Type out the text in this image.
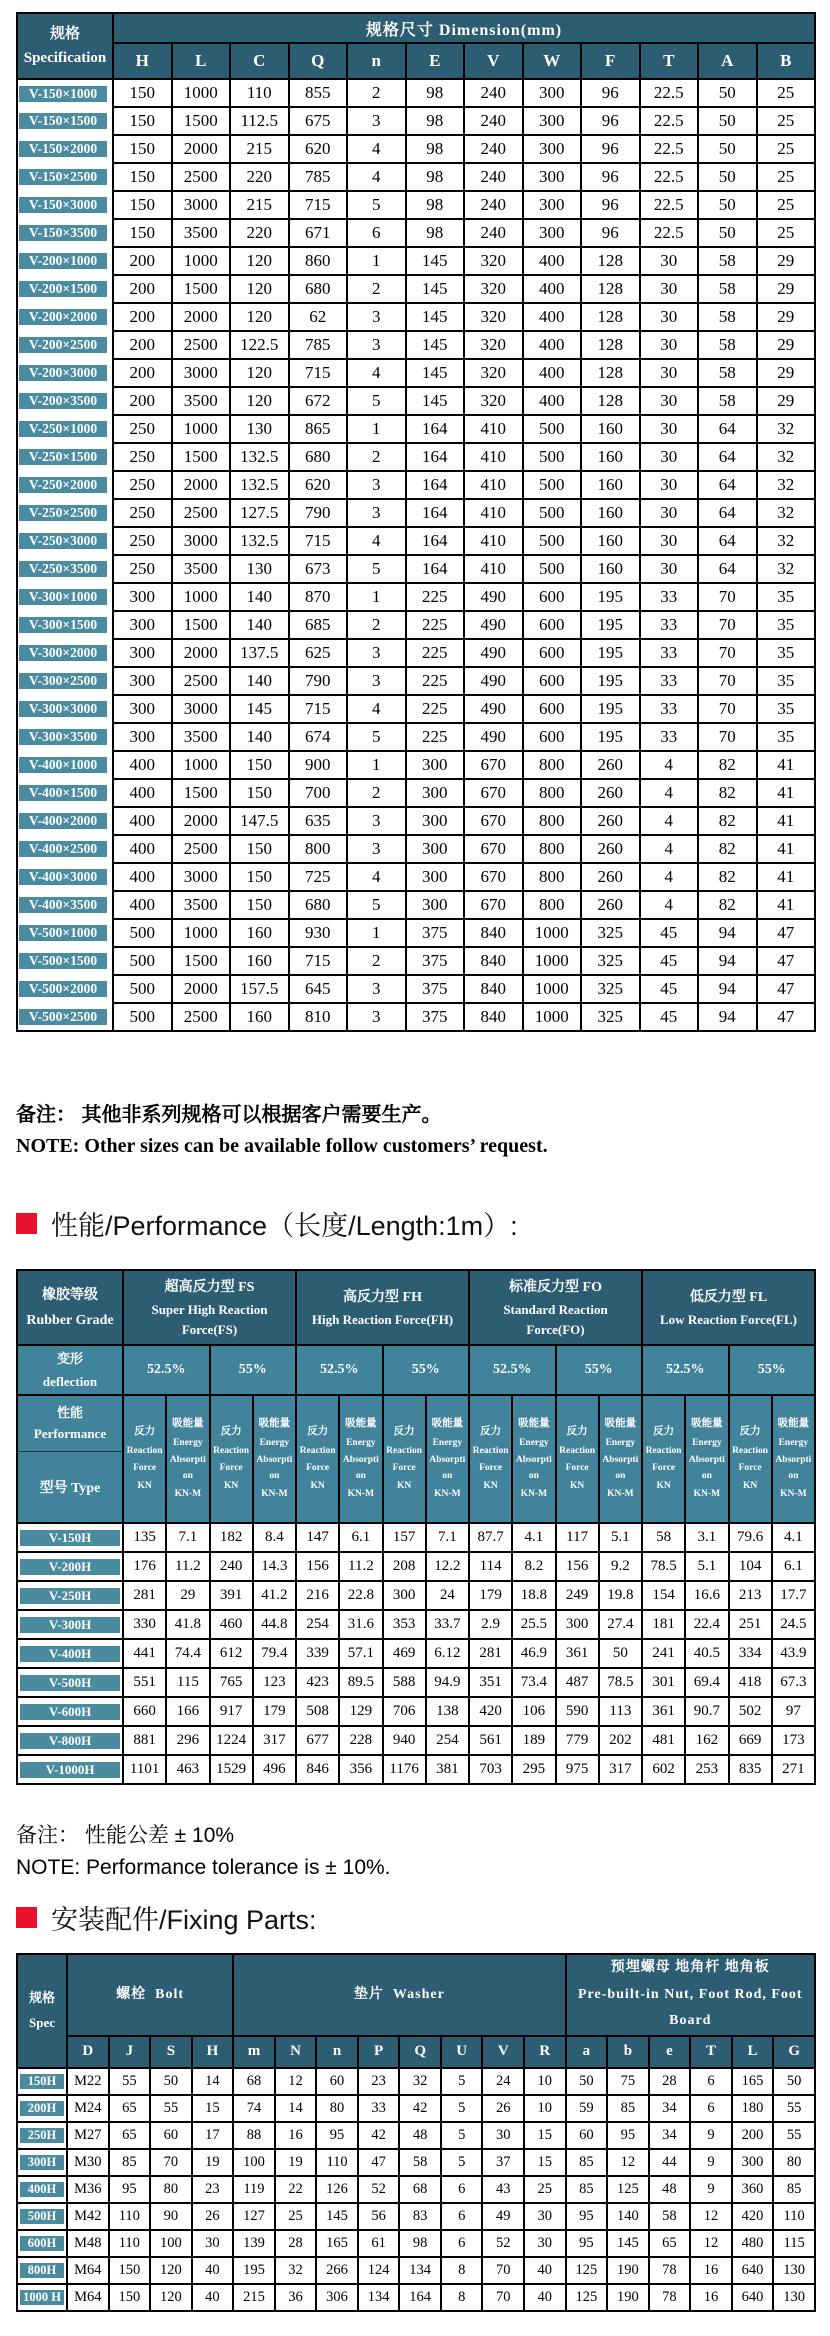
规格
Specification	规格尺寸 Dimension(mm)											
	H	L	C	Q	n	E	V	W	F	T	A	B

V-150×1000	150	1000	110	855	2	98	240	300	96	22.5	50	25

V-150×1500	150	1500	112.5	675	3	98	240	300	96	22.5	50	25

V-150×2000	150	2000	215	620	4	98	240	300	96	22.5	50	25

V-150×2500	150	2500	220	785	4	98	240	300	96	22.5	50	25

V-150×3000	150	3000	215	715	5	98	240	300	96	22.5	50	25

V-150×3500	150	3500	220	671	6	98	240	300	96	22.5	50	25

V-200×1000	200	1000	120	860	1	145	320	400	128	30	58	29

V-200×1500	200	1500	120	680	2	145	320	400	128	30	58	29

V-200×2000	200	2000	120	62	3	145	320	400	128	30	58	29

V-200×2500	200	2500	122.5	785	3	145	320	400	128	30	58	29

V-200×3000	200	3000	120	715	4	145	320	400	128	30	58	29

V-200×3500	200	3500	120	672	5	145	320	400	128	30	58	29

V-250×1000	250	1000	130	865	1	164	410	500	160	30	64	32

V-250×1500	250	1500	132.5	680	2	164	410	500	160	30	64	32

V-250×2000	250	2000	132.5	620	3	164	410	500	160	30	64	32

V-250×2500	250	2500	127.5	790	3	164	410	500	160	30	64	32

V-250×3000	250	3000	132.5	715	4	164	410	500	160	30	64	32

V-250×3500	250	3500	130	673	5	164	410	500	160	30	64	32

V-300×1000	300	1000	140	870	1	225	490	600	195	33	70	35

V-300×1500	300	1500	140	685	2	225	490	600	195	33	70	35

V-300×2000	300	2000	137.5	625	3	225	490	600	195	33	70	35

V-300×2500	300	2500	140	790	3	225	490	600	195	33	70	35

V-300×3000	300	3000	145	715	4	225	490	600	195	33	70	35

V-300×3500	300	3500	140	674	5	225	490	600	195	33	70	35

V-400×1000	400	1000	150	900	1	300	670	800	260	4	82	41

V-400×1500	400	1500	150	700	2	300	670	800	260	4	82	41

V-400×2000	400	2000	147.5	635	3	300	670	800	260	4	82	41

V-400×2500	400	2500	150	800	3	300	670	800	260	4	82	41

V-400×3000	400	3000	150	725	4	300	670	800	260	4	82	41

V-400×3500	400	3500	150	680	5	300	670	800	260	4	82	41

V-500×1000	500	1000	160	930	1	375	840	1000	325	45	94	47

V-500×1500	500	1500	160	715	2	375	840	1000	325	45	94	47

V-500×2000	500	2000	157.5	645	3	375	840	1000	325	45	94	47

V-500×2500	500	2500	160	810	3	375	840	1000	325	45	94	47
备注： 其他非系列规格可以根据客户需要生产。
NOTE: Other sizes can be available follow customers’ request.
性能/Performance（长度/Length:1m）:
橡胶等级
Rubber Grade

超高反力型 FS
Super High Reaction Force(FS)

高反力型 FH
High Reaction Force(FH)

标准反力型 FO
Standard Reaction Force(FO)

低反力型 FL
Low Reaction Force(FL)

变形
deflection	52.5%		55%		52.5%		55%		52.5%		55%		52.5%		55%	

性能
Performance
型号 Type

反力
Reaction Force
KN

吸能量
Energy Absorption
KN-M

反力
Reaction Force
KN

吸能量
Energy Absorption
KN-M

反力
Reaction Force
KN

吸能量
Energy Absorption
KN-M

反力
Reaction Force
KN

吸能量
Energy Absorption
KN-M

反力
Reaction Force
KN

吸能量
Energy Absorption
KN-M

反力
Reaction Force
KN

吸能量
Energy Absorption
KN-M

反力
Reaction Force
KN

吸能量
Energy Absorption
KN-M

反力
Reaction Force
KN

吸能量
Energy Absorption
KN-M

V-150H	135	7.1	182	8.4	147	6.1	157	7.1	87.7	4.1	117	5.1	58	3.1	79.6	4.1

V-200H	176	11.2	240	14.3	156	11.2	208	12.2	114	8.2	156	9.2	78.5	5.1	104	6.1

V-250H	281	29	391	41.2	216	22.8	300	24	179	18.8	249	19.8	154	16.6	213	17.7

V-300H	330	41.8	460	44.8	254	31.6	353	33.7	2.9	25.5	300	27.4	181	22.4	251	24.5

V-400H	441	74.4	612	79.4	339	57.1	469	6.12	281	46.9	361	50	241	40.5	334	43.9

V-500H	551	115	765	123	423	89.5	588	94.9	351	73.4	487	78.5	301	69.4	418	67.3

V-600H	660	166	917	179	508	129	706	138	420	106	590	113	361	90.7	502	97

V-800H	881	296	1224	317	677	228	940	254	561	189	779	202	481	162	669	173

V-1000H	1101	463	1529	496	846	356	1176	381	703	295	975	317	602	253	835	271
备注： 性能公差 ± 10%
NOTE: Performance tolerance is ± 10%.
安装配件/Fixing Parts:
规格
Spec

螺栓 Bolt	垫片 Washer

预埋螺母 地角杆 地角板
Pre-built-in Nut, Foot Rod, Foot Board

	D	J	S	H	m	N	n	P	Q	U	V	R	a	b	e	T	L	G

150H	M22	55	50	14	68	12	60	23	32	5	24	10	50	75	28	6	165	50

200H	M24	65	55	15	74	14	80	33	42	5	26	10	59	85	34	6	180	55

250H	M27	65	60	17	88	16	95	42	48	5	30	15	60	95	34	9	200	55

300H	M30	85	70	19	100	19	110	47	58	5	37	15	85	12	44	9	300	80

400H	M36	95	80	23	119	22	126	52	68	6	43	25	85	125	48	9	360	85

500H	M42	110	90	26	127	25	145	56	83	6	49	30	95	140	58	12	420	110

600H	M48	110	100	30	139	28	165	61	98	6	52	30	95	145	65	12	480	115

800H	M64	150	120	40	195	32	266	124	134	8	70	40	125	190	78	16	640	130

1000 H	M64	150	120	40	215	36	306	134	164	8	70	40	125	190	78	16	640	130
